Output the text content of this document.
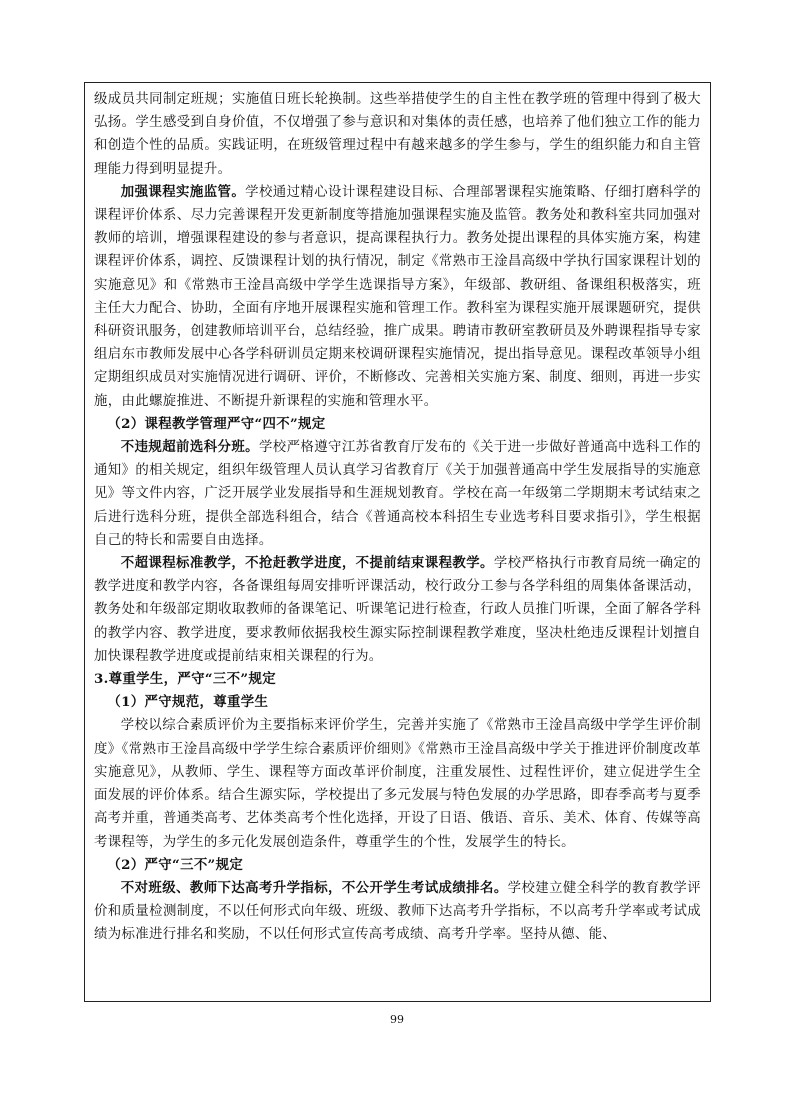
级成员共同制定班规；实施值日班长轮换制。这些举措使学生的自主性在教学班的管理中得到了极大弘扬。学生感受到自身价值，不仅增强了参与意识和对集体的责任感，也培养了他们独立工作的能力和创造个性的品质。实践证明，在班级管理过程中有越来越多的学生参与，学生的组织能力和自主管理能力得到明显提升。

加强课程实施监管。学校通过精心设计课程建设目标、合理部署课程实施策略、仔细打磨科学的课程评价体系、尽力完善课程开发更新制度等措施加强课程实施及监管。教务处和教科室共同加强对教师的培训，增强课程建设的参与者意识，提高课程执行力。教务处提出课程的具体实施方案，构建课程评价体系，调控、反馈课程计划的执行情况，制定《常熟市王淦昌高级中学执行国家课程计划的实施意见》和《常熟市王淦昌高级中学学生选课指导方案》，年级部、教研组、备课组积极落实，班主任大力配合、协助，全面有序地开展课程实施和管理工作。教科室为课程实施开展课题研究，提供科研资讯服务，创建教师培训平台，总结经验，推广成果。聘请市教研室教研员及外聘课程指导专家组启东市教师发展中心各学科研训员定期来校调研课程实施情况，提出指导意见。课程改革领导小组定期组织成员对实施情况进行调研、评价，不断修改、完善相关实施方案、制度、细则，再进一步实施，由此螺旋推进、不断提升新课程的实施和管理水平。

（2）课程教学管理严守“四不”规定

不违规超前选科分班。学校严格遵守江苏省教育厅发布的《关于进一步做好普通高中选科工作的通知》的相关规定，组织年级管理人员认真学习省教育厅《关于加强普通高中学生发展指导的实施意见》等文件内容，广泛开展学业发展指导和生涯规划教育。学校在高一年级第二学期期末考试结束之后进行选科分班，提供全部选科组合，结合《普通高校本科招生专业选考科目要求指引》，学生根据自己的特长和需要自由选择。

不超课程标准教学，不抢赶教学进度，不提前结束课程教学。学校严格执行市教育局统一确定的教学进度和教学内容，各备课组每周安排听评课活动，校行政分工参与各学科组的周集体备课活动，教务处和年级部定期收取教师的备课笔记、听课笔记进行检查，行政人员推门听课，全面了解各学科的教学内容、教学进度，要求教师依据我校生源实际控制课程教学难度，坚决杜绝违反课程计划擅自加快课程教学进度或提前结束相关课程的行为。

3.尊重学生，严守“三不”规定

（1）严守规范，尊重学生

学校以综合素质评价为主要指标来评价学生，完善并实施了《常熟市王淦昌高级中学学生评价制度》《常熟市王淦昌高级中学学生综合素质评价细则》《常熟市王淦昌高级中学关于推进评价制度改革实施意见》，从教师、学生、课程等方面改革评价制度，注重发展性、过程性评价，建立促进学生全面发展的评价体系。结合生源实际，学校提出了多元发展与特色发展的办学思路，即春季高考与夏季高考并重，普通类高考、艺体类高考个性化选择，开设了日语、俄语、音乐、美术、体育、传媒等高考课程等，为学生的多元化发展创造条件，尊重学生的个性，发展学生的特长。

（2）严守“三不”规定

不对班级、教师下达高考升学指标，不公开学生考试成绩排名。学校建立健全科学的教育教学评价和质量检测制度，不以任何形式向年级、班级、教师下达高考升学指标，不以高考升学率或考试成绩为标准进行排名和奖励，不以任何形式宣传高考成绩、高考升学率。坚持从德、能、

99
